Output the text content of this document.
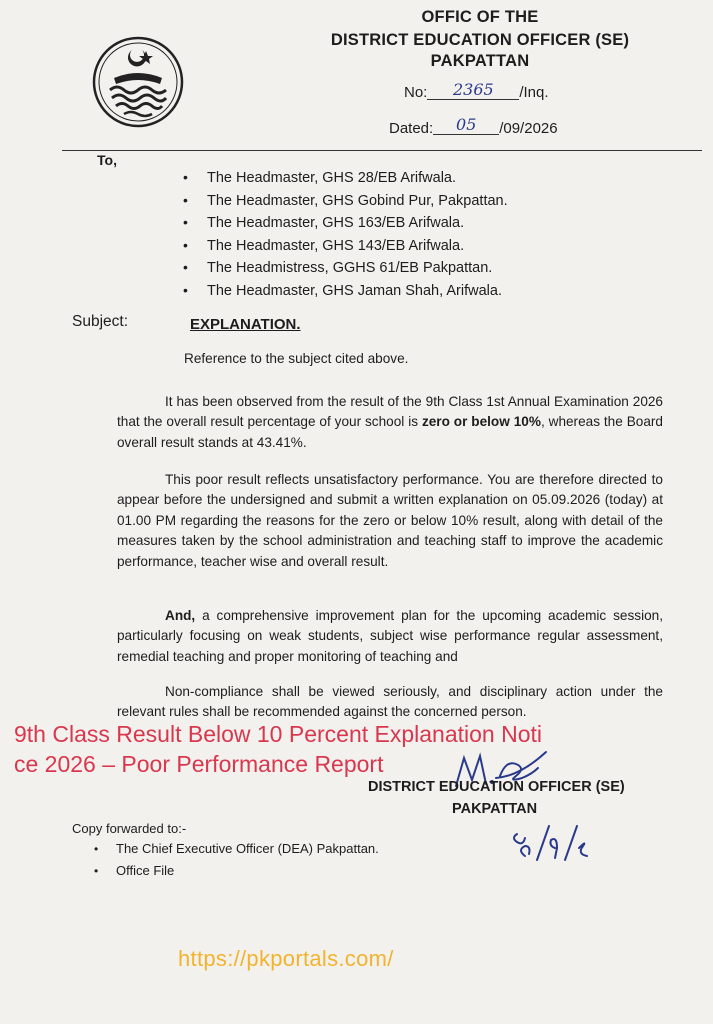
OFFIC OF THE
DISTRICT EDUCATION OFFICER (SE)
PAKPATTAN
No: 2365 /Inq.
Dated: 05 /09/2026
To,
• The Headmaster, GHS 28/EB Arifwala.
• The Headmaster, GHS Gobind Pur, Pakpattan.
• The Headmaster, GHS 163/EB Arifwala.
• The Headmaster, GHS 143/EB Arifwala.
• The Headmistress, GGHS 61/EB Pakpattan.
• The Headmaster, GHS Jaman Shah, Arifwala.
Subject:	EXPLANATION.
Reference to the subject cited above.

It has been observed from the result of the 9th Class 1st Annual Examination 2026 that the overall result percentage of your school is zero or below 10%, whereas the Board overall result stands at 43.41%.

This poor result reflects unsatisfactory performance. You are therefore directed to appear before the undersigned and submit a written explanation on 05.09.2026 (today) at 01.00 PM regarding the reasons for the zero or below 10% result, along with detail of the measures taken by the school administration and teaching staff to improve the academic performance, teacher wise and overall result.

And, a comprehensive improvement plan for the upcoming academic session, particularly focusing on weak students, subject wise performance regular assessment, remedial teaching and proper monitoring of teaching and

Non-compliance shall be viewed seriously, and disciplinary action under the relevant rules shall be recommended against the concerned person.

9th Class Result Below 10 Percent Explanation Noti
ce 2026 – Poor Performance Report
DISTRICT EDUCATION OFFICER (SE)
PAKPATTAN
Copy forwarded to:-
• The Chief Executive Officer (DEA) Pakpattan.
• Office File
https://pkportals.com/
